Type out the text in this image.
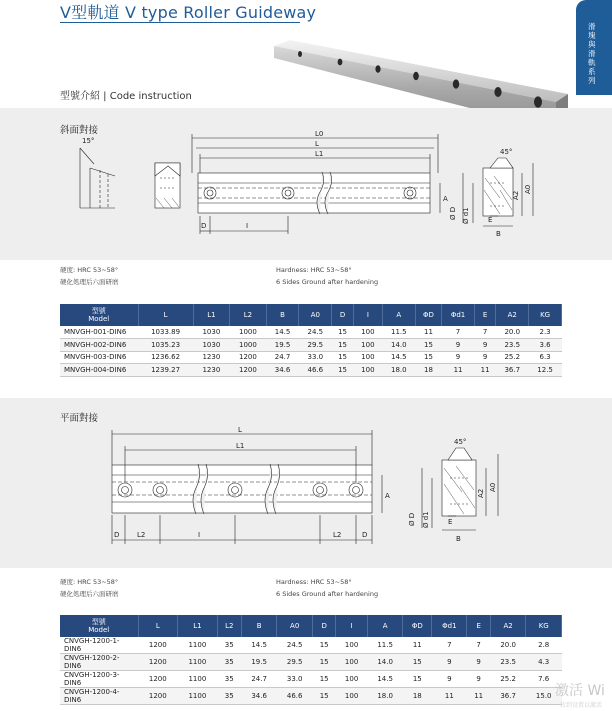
V型軌道 V type Roller Guideway
滑塊與滑軌系列
型號介紹 | Code instruction
斜面對接
15°
L0
L
L1
D	I
A
45°
Ø D Ø d1	E
A2
A0
B
硬度: HRC 53~58°
硬化処理后六面研磨
Hardness: HRC 53~58°
6 Sides Ground after hardening
型號
Model	L	L1	L2	B	A0	D	I	A	ΦD	Φd1	E	A2	KG
MNVGH-001-DIN6	1033.89	1030	1000	14.5	24.5	15	100	11.5	11	7	7	20.0	2.3
MNVGH-002-DIN6	1035.23	1030	1000	19.5	29.5	15	100	14.0	15	9	9	23.5	3.6
MNVGH-003-DIN6	1236.62	1230	1200	24.7	33.0	15	100	14.5	15	9	9	25.2	6.3
MNVGH-004-DIN6	1239.27	1230	1200	34.6	46.6	15	100	18.0	18	11	11	36.7	12.5
平面對接
L
L1
D	L2	I	L2	D
A
45°
Ø D Ø d1	E
A2
A0
B
硬度: HRC 53~58°
硬化処理后六面研磨
Hardness: HRC 53~58°
6 Sides Ground after hardening
型號
Model	L	L1	L2	B	A0	D	I	A	ΦD	Φd1	E	A2	KG
CNVGH-1200-1-DIN6	1200	1100	35	14.5	24.5	15	100	11.5	11	7	7	20.0	2.8
CNVGH-1200-2-DIN6	1200	1100	35	19.5	29.5	15	100	14.0	15	9	9	23.5	4.3
CNVGH-1200-3-DIN6	1200	1100	35	24.7	33.0	15	100	14.5	15	9	9	25.2	7.6
CNVGH-1200-4-DIN6	1200	1100	35	34.6	46.6	15	100	18.0	18	11	11	36.7	15.0 激活 Wi
转到设置以激活
